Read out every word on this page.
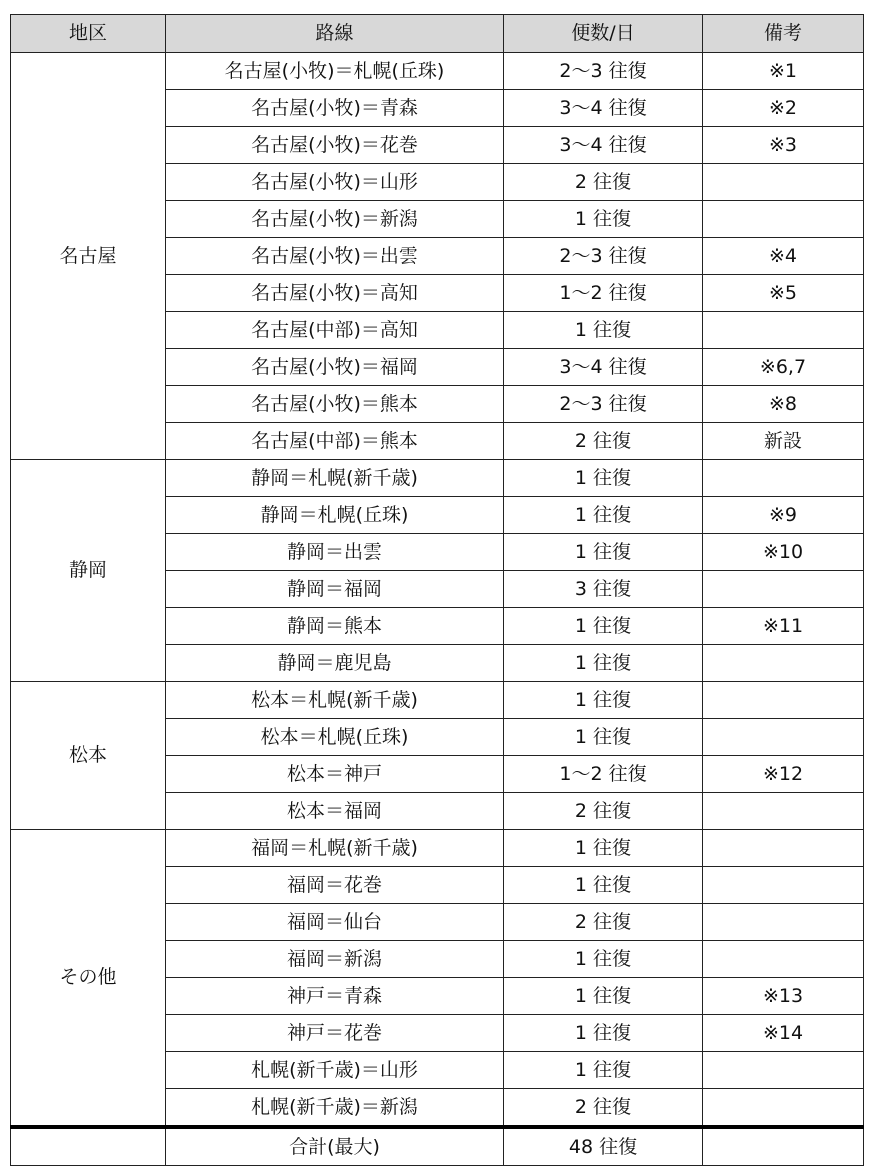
地区	路線	便数/日	備考
名古屋	名古屋(小牧)＝札幌(丘珠)	2～3 往復	※1
	名古屋(小牧)＝青森	3～4 往復	※2
	名古屋(小牧)＝花巻	3～4 往復	※3
	名古屋(小牧)＝山形	2 往復	
	名古屋(小牧)＝新潟	1 往復	
	名古屋(小牧)＝出雲	2～3 往復	※4
	名古屋(小牧)＝高知	1～2 往復	※5
	名古屋(中部)＝高知	1 往復	
	名古屋(小牧)＝福岡	3～4 往復	※6,7
	名古屋(小牧)＝熊本	2～3 往復	※8
	名古屋(中部)＝熊本	2 往復	新設
静岡	静岡＝札幌(新千歳)	1 往復	
	静岡＝札幌(丘珠)	1 往復	※9
	静岡＝出雲	1 往復	※10
	静岡＝福岡	3 往復	
	静岡＝熊本	1 往復	※11
	静岡＝鹿児島	1 往復	
松本	松本＝札幌(新千歳)	1 往復	
	松本＝札幌(丘珠)	1 往復	
	松本＝神戸	1～2 往復	※12
	松本＝福岡	2 往復	
その他	福岡＝札幌(新千歳)	1 往復	
	福岡＝花巻	1 往復	
	福岡＝仙台	2 往復	
	福岡＝新潟	1 往復	
	神戸＝青森	1 往復	※13
	神戸＝花巻	1 往復	※14
	札幌(新千歳)＝山形	1 往復	
	札幌(新千歳)＝新潟	2 往復	
	合計(最大)	48 往復	
